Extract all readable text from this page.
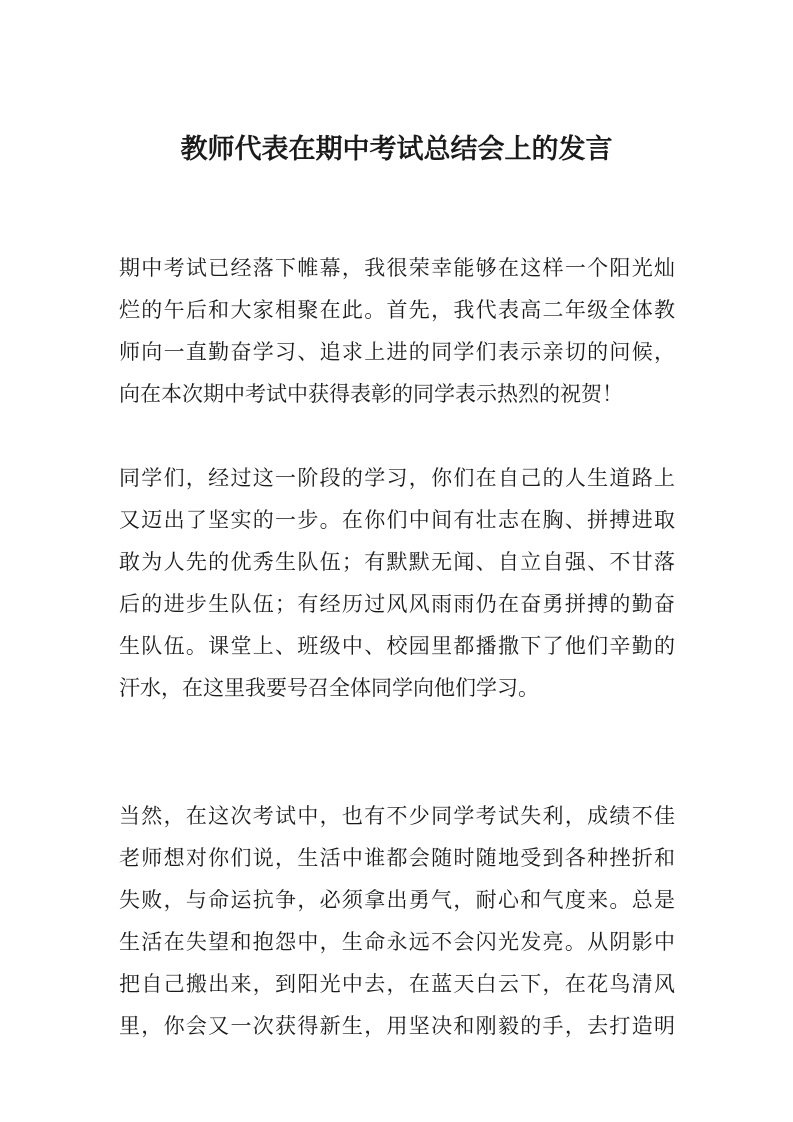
教师代表在期中考试总结会上的发言
期中考试已经落下帷幕，我很荣幸能够在这样一个阳光灿
烂的午后和大家相聚在此。首先，我代表高二年级全体教
师向一直勤奋学习、追求上进的同学们表示亲切的问候，
向在本次期中考试中获得表彰的同学表示热烈的祝贺！
同学们，经过这一阶段的学习，你们在自己的人生道路上
又迈出了坚实的一步。在你们中间有壮志在胸、拼搏进取
敢为人先的优秀生队伍；有默默无闻、自立自强、不甘落
后的进步生队伍；有经历过风风雨雨仍在奋勇拼搏的勤奋
生队伍。课堂上、班级中、校园里都播撒下了他们辛勤的
汗水，在这里我要号召全体同学向他们学习。
当然，在这次考试中，也有不少同学考试失利，成绩不佳
老师想对你们说，生活中谁都会随时随地受到各种挫折和
失败，与命运抗争，必须拿出勇气，耐心和气度来。总是
生活在失望和抱怨中，生命永远不会闪光发亮。从阴影中
把自己搬出来，到阳光中去，在蓝天白云下，在花鸟清风
里，你会又一次获得新生，用坚决和刚毅的手，去打造明
